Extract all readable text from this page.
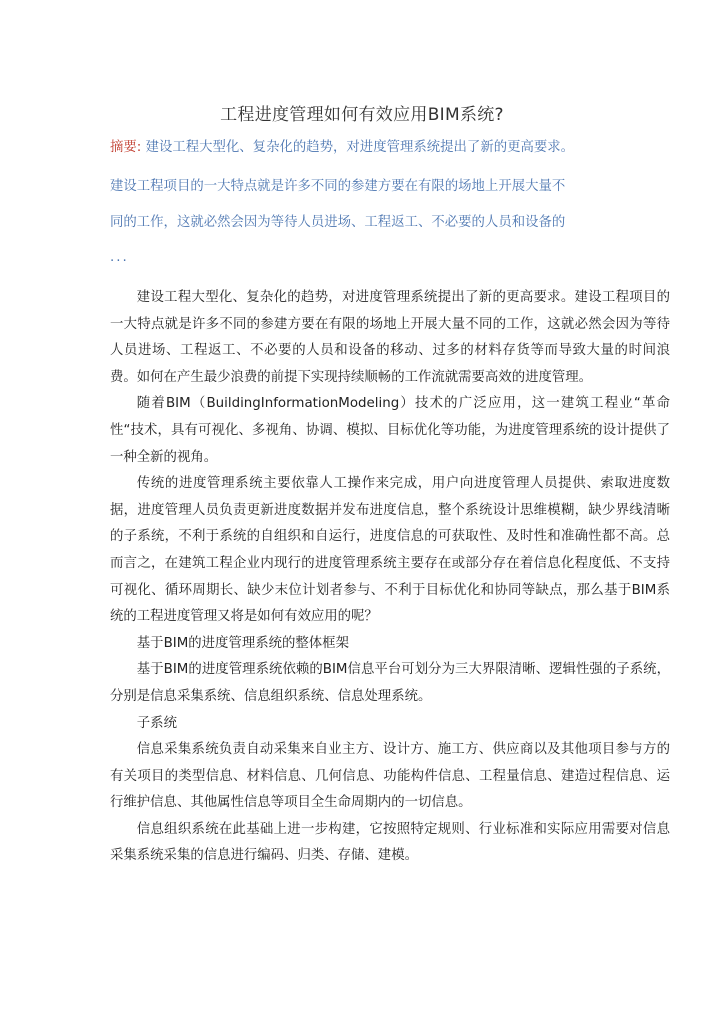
工程进度管理如何有效应用BIM系统?
摘要: 建设工程大型化、复杂化的趋势，对进度管理系统提出了新的更高要求。
建设工程项目的一大特点就是许多不同的参建方要在有限的场地上开展大量不
同的工作，这就必然会因为等待人员进场、工程返工、不必要的人员和设备的
...

建设工程大型化、复杂化的趋势，对进度管理系统提出了新的更高要求。建设工程项目的一大特点就是许多不同的参建方要在有限的场地上开展大量不同的工作，这就必然会因为等待人员进场、工程返工、不必要的人员和设备的移动、过多的材料存货等而导致大量的时间浪费。如何在产生最少浪费的前提下实现持续顺畅的工作流就需要高效的进度管理。

随着BIM（BuildingInformationModeling）技术的广泛应用，这一建筑工程业“革命性“技术，具有可视化、多视角、协调、模拟、目标优化等功能，为进度管理系统的设计提供了一种全新的视角。

传统的进度管理系统主要依靠人工操作来完成，用户向进度管理人员提供、索取进度数据，进度管理人员负责更新进度数据并发布进度信息，整个系统设计思维模糊，缺少界线清晰的子系统，不利于系统的自组织和自运行，进度信息的可获取性、及时性和准确性都不高。总而言之，在建筑工程企业内现行的进度管理系统主要存在或部分存在着信息化程度低、不支持可视化、循环周期长、缺少末位计划者参与、不利于目标优化和协同等缺点，那么基于BIM系统的工程进度管理又将是如何有效应用的呢？

基于BIM的进度管理系统的整体框架

基于BIM的进度管理系统依赖的BIM信息平台可划分为三大界限清晰、逻辑性强的子系统，分别是信息采集系统、信息组织系统、信息处理系统。

子系统

信息采集系统负责自动采集来自业主方、设计方、施工方、供应商以及其他项目参与方的有关项目的类型信息、材料信息、几何信息、功能构件信息、工程量信息、建造过程信息、运行维护信息、其他属性信息等项目全生命周期内的一切信息。

信息组织系统在此基础上进一步构建，它按照特定规则、行业标准和实际应用需要对信息采集系统采集的信息进行编码、归类、存储、建模。
